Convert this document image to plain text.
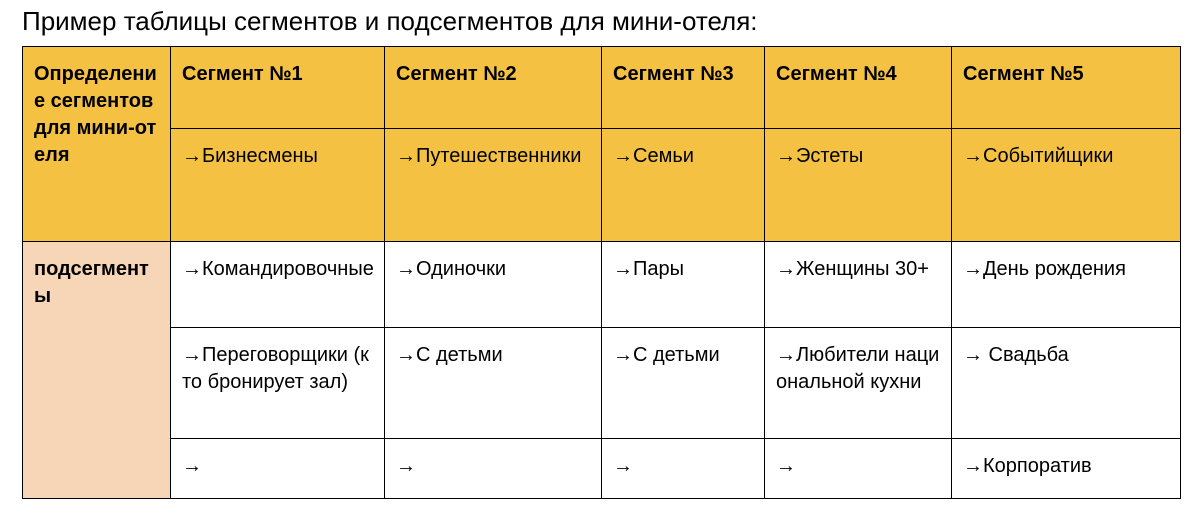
Пример таблицы сегментов и подсегментов для мини-отеля:
Определение сегментов для мини-отеля	Сегмент №1	Сегмент №2	Сегмент №3	Сегмент №4	Сегмент №5
	→Бизнесмены	→Путешественники	→Семьи	→Эстеты	→Событийщики
подсегменты	→Командировочные	→Одиночки	→Пары	→Женщины 30+	→День рождения
	→Переговорщики (кто бронирует зал)	→С детьми	→С детьми	→Любители национальной кухни	→ Свадьба
	→	→	→	→	→Корпоратив
